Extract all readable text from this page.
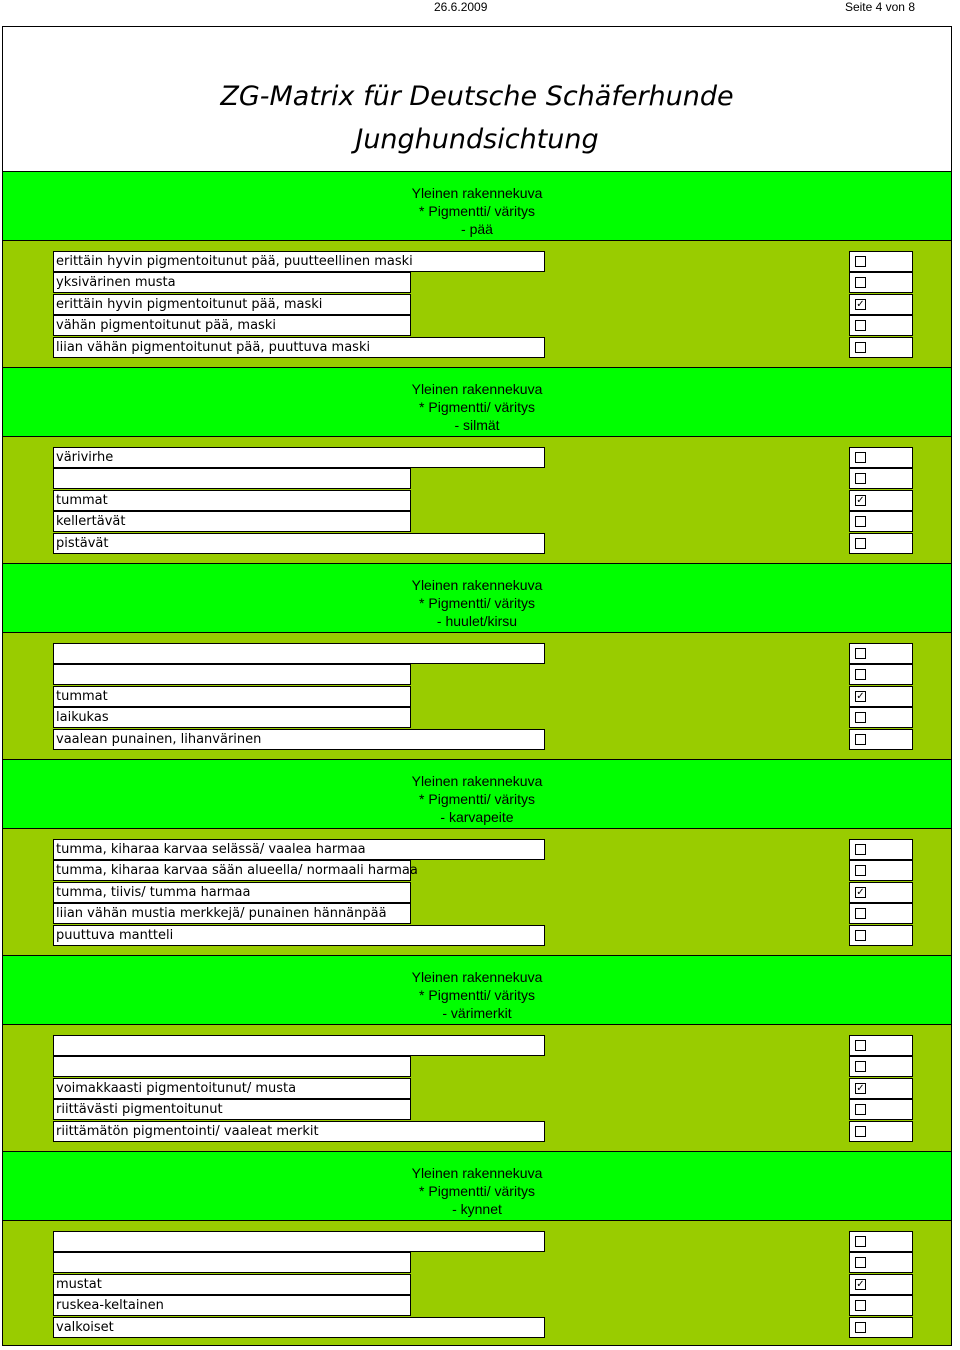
26.6.2009	Seite 4 von 8
ZG-Matrix für Deutsche Schäferhunde
Junghundsichtung
Yleinen rakennekuva
* Pigmentti/ väritys
- pää
erittäin hyvin pigmentoitunut pää, puutteellinen maski
yksivärinen musta
erittäin hyvin pigmentoitunut pää, maski
vähän pigmentoitunut pää, maski
liian vähän pigmentoitunut pää, puuttuva maski
✓
Yleinen rakennekuva
* Pigmentti/ väritys
- silmät
värivirhe
tummat
kellertävät
pistävät
✓
Yleinen rakennekuva
* Pigmentti/ väritys
- huulet/kirsu
tummat
laikukas
vaalean punainen, lihanvärinen
✓
Yleinen rakennekuva
* Pigmentti/ väritys
- karvapeite
tumma, kiharaa karvaa selässä/ vaalea harmaa
tumma, kiharaa karvaa sään alueella/ normaali harmaa
tumma, tiivis/ tumma harmaa
liian vähän mustia merkkejä/ punainen hännänpää
puuttuva mantteli
✓
Yleinen rakennekuva
* Pigmentti/ väritys
- värimerkit
voimakkaasti pigmentoitunut/ musta
riittävästi pigmentoitunut
riittämätön pigmentointi/ vaaleat merkit
✓
Yleinen rakennekuva
* Pigmentti/ väritys
- kynnet
mustat
ruskea-keltainen
valkoiset
✓
